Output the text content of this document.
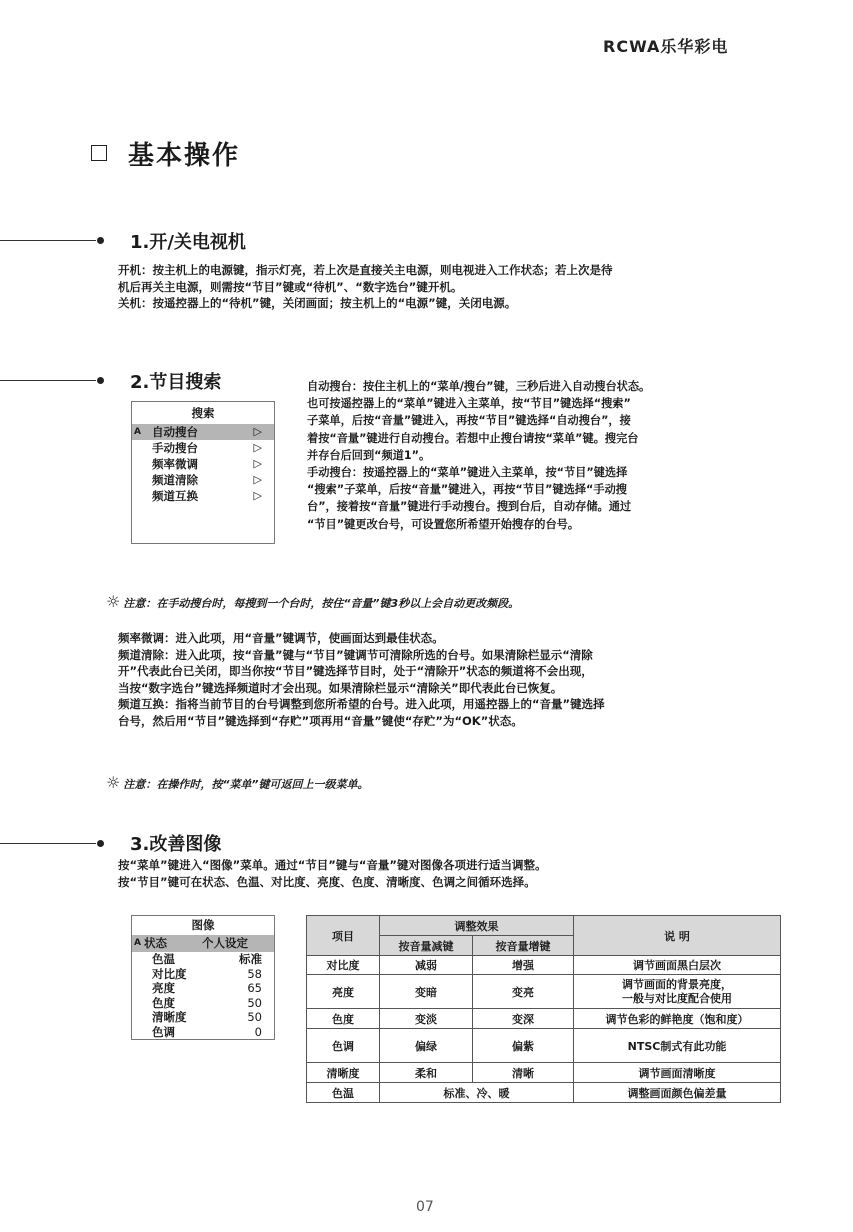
RCWA乐华彩电
基本操作
1.开/关电视机

开机：按主机上的电源键，指示灯亮，若上次是直接关主电源，则电视进入工作状态；若上次是待

机后再关主电源，则需按“节目”键或“待机”、“数字选台”键开机。

关机：按遥控器上的“待机”键，关闭画面；按主机上的“电源”键，关闭电源。

2.节目搜索
搜索
A 自动搜台	▷
手动搜台	▷
频率微调	▷
频道清除	▷
频道互换	▷

自动搜台：按住主机上的“菜单/搜台”键，三秒后进入自动搜台状态。

也可按遥控器上的“菜单”键进入主菜单，按“节目”键选择“搜索”

子菜单，后按“音量”键进入，再按“节目”键选择“自动搜台”，接

着按“音量”键进行自动搜台。若想中止搜台请按“菜单”键。搜完台

并存台后回到“频道1”。

手动搜台：按遥控器上的“菜单”键进入主菜单，按“节目”键选择

“搜索”子菜单，后按“音量”键进入，再按“节目”键选择“手动搜

台”，接着按“音量”键进行手动搜台。搜到台后，自动存储。通过

“节目”键更改台号，可设置您所希望开始搜存的台号。

☼ 注意：在手动搜台时，每搜到一个台时，按住“音量”键3秒以上会自动更改频段。

频率微调：进入此项，用“音量”键调节，使画面达到最佳状态。

频道清除：进入此项，按“音量”键与“节目”键调节可清除所选的台号。如果清除栏显示“清除

开”代表此台已关闭，即当你按“节目”键选择节目时，处于“清除开”状态的频道将不会出现，

当按“数字选台”键选择频道时才会出现。如果清除栏显示“清除关”即代表此台已恢复。

频道互换：指将当前节目的台号调整到您所希望的台号。进入此项，用遥控器上的“音量”键选择

台号，然后用“节目”键选择到“存贮”项再用“音量”键使“存贮”为“OK”状态。

☼ 注意：在操作时，按“菜单”键可返回上一级菜单。
3.改善图像

按“菜单”键进入“图像”菜单。通过“节目”键与“音量”键对图像各项进行适当调整。

按“节目”键可在状态、色温、对比度、亮度、色度、清晰度、色调之间循环选择。

图像
A 状态	个人设定
色温	标准
对比度	58
亮度	65
色度	50
清晰度	50
色调	0
项目	调整效果		说 明
	按音量减键	按音量增键	
对比度	减弱	增强	调节画面黑白层次
亮度	变暗	变亮	调节画面的背景亮度，
一般与对比度配合使用

色度	变淡	变深	调节色彩的鲜艳度（饱和度）
色调	偏绿	偏紫	NTSC制式有此功能
清晰度	柔和	清晰	调节画面清晰度
色温	标准、冷、暖		调整画面颜色偏差量
07
